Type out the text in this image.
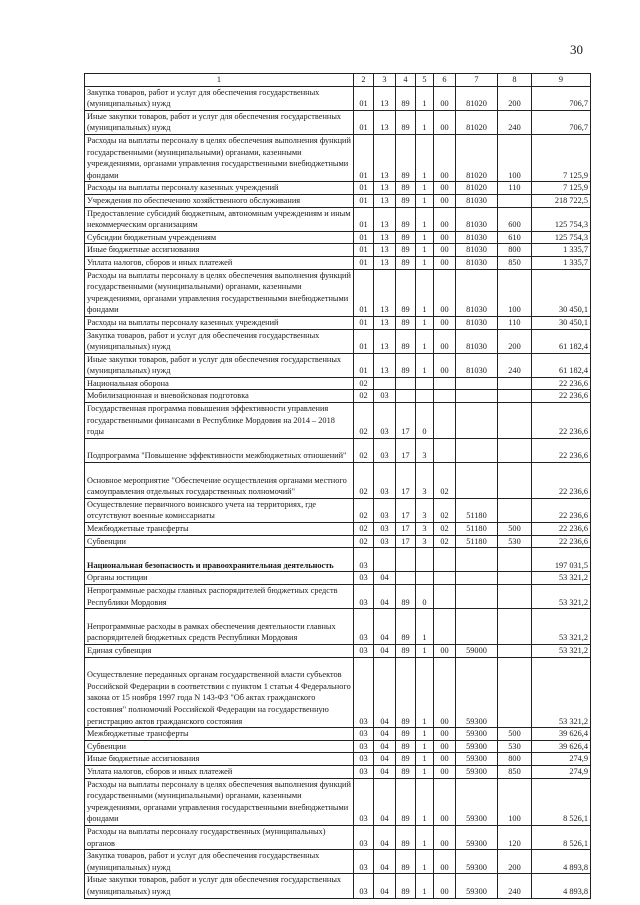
30
1	2	3	4	5	6	7	8	9
Закупка товаров, работ и услуг для обеспечения государственных (муниципальных) нужд	01	13	89	1	00	81020	200	706,7
Иные закупки товаров, работ и услуг для обеспечения государственных (муниципальных) нужд	01	13	89	1	00	81020	240	706,7
Расходы на выплаты персоналу в целях обеспечения выполнения функций государственными (муниципальными) органами, казенными учреждениями, органами управления государственными внебюджетными фондами	01	13	89	1	00	81020	100	7 125,9
Расходы на выплаты персоналу казенных учреждений	01	13	89	1	00	81020	110	7 125,9
Учреждения по обеспечению хозяйственного обслуживания	01	13	89	1	00	81030		218 722,5
Предоставление субсидий бюджетным, автономным учреждениям и иным некоммерческим организациям	01	13	89	1	00	81030	600	125 754,3
Субсидии бюджетным учреждениям	01	13	89	1	00	81030	610	125 754,3
Иные бюджетные ассигнования	01	13	89	1	00	81030	800	1 335,7
Уплата налогов, сборов и иных платежей	01	13	89	1	00	81030	850	1 335,7
Расходы на выплаты персоналу в целях обеспечения выполнения функций государственными (муниципальными) органами, казенными учреждениями, органами управления государственными внебюджетными фондами	01	13	89	1	00	81030	100	30 450,1
Расходы на выплаты персоналу казенных учреждений	01	13	89	1	00	81030	110	30 450,1
Закупка товаров, работ и услуг для обеспечения государственных (муниципальных) нужд	01	13	89	1	00	81030	200	61 182,4
Иные закупки товаров, работ и услуг для обеспечения государственных (муниципальных) нужд	01	13	89	1	00	81030	240	61 182,4
Национальная оборона	02							22 236,6
Мобилизационная и вневойсковая подготовка	02	03						22 236,6
Государственная программа повышения эффективности управления государственными финансами в Республике Мордовия на 2014 – 2018 годы	02	03	17	0				22 236,6
Подпрограмма "Повышение эффективности межбюджетных отношений"	02	03	17	3				22 236,6
Основное мероприятие "Обеспечение осуществления органами местного самоуправления отдельных государственных полномочий"	02	03	17	3	02			22 236,6
Осуществление первичного воинского учета на территориях, где отсутствуют военные комиссариаты	02	03	17	3	02	51180		22 236,6
Межбюджетные трансферты	02	03	17	3	02	51180	500	22 236,6
Субвенции	02	03	17	3	02	51180	530	22 236,6
Национальная безопасность и правоохранительная деятельность	03							197 031,5
Органы юстиции	03	04						53 321,2
Непрограммные расходы главных распорядителей бюджетных средств Республики Мордовия	03	04	89	0				53 321,2
Непрограммные расходы в рамках обеспечения деятельности главных распорядителей бюджетных средств Республики Мордовия	03	04	89	1				53 321,2
Единая субвенция	03	04	89	1	00	59000		53 321,2
Осуществление переданных органам государственной власти субъектов Российской Федерации в соответствии с пунктом 1 статьи 4 Федерального закона от 15 ноября 1997 года N 143-ФЗ "Об актах гражданского состояния" полномочий Российской Федерации на государственную регистрацию актов гражданского состояния	03	04	89	1	00	59300		53 321,2
Межбюджетные трансферты	03	04	89	1	00	59300	500	39 626,4
Субвенции	03	04	89	1	00	59300	530	39 626,4
Иные бюджетные ассигнования	03	04	89	1	00	59300	800	274,9
Уплата налогов, сборов и иных платежей	03	04	89	1	00	59300	850	274,9
Расходы на выплаты персоналу в целях обеспечения выполнения функций государственными (муниципальными) органами, казенными учреждениями, органами управления государственными внебюджетными фондами	03	04	89	1	00	59300	100	8 526,1
Расходы на выплаты персоналу государственных (муниципальных) органов	03	04	89	1	00	59300	120	8 526,1
Закупка товаров, работ и услуг для обеспечения государственных (муниципальных) нужд	03	04	89	1	00	59300	200	4 893,8
Иные закупки товаров, работ и услуг для обеспечения государственных (муниципальных) нужд	03	04	89	1	00	59300	240	4 893,8
